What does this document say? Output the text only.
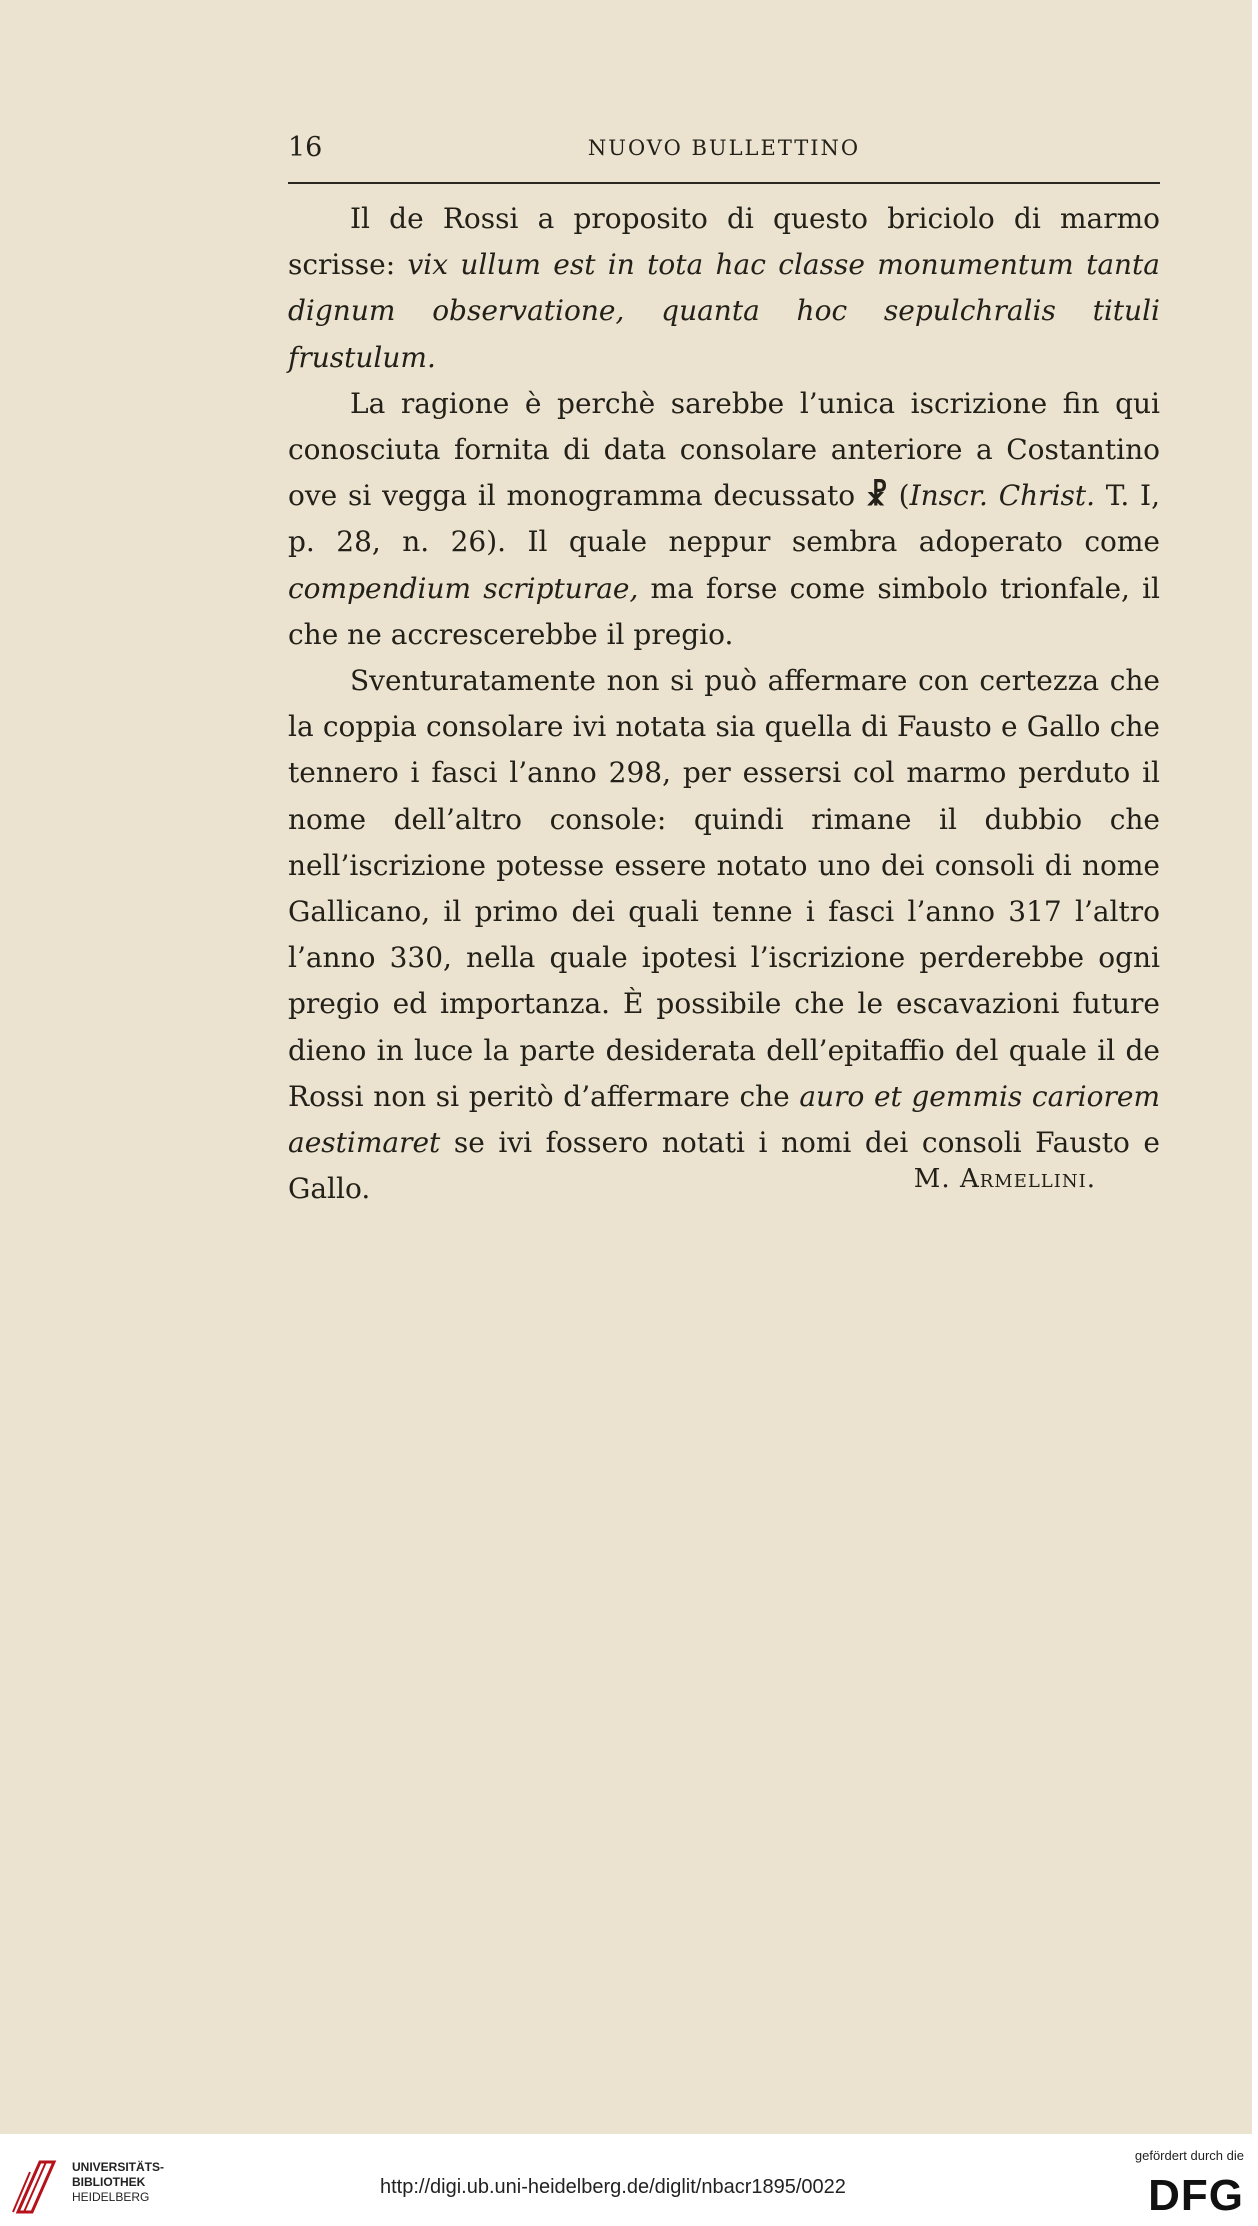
16	NUOVO BULLETTINO

Il de Rossi a proposito di questo briciolo di marmo scrisse: vix ullum est in tota hac classe monumentum tanta dignum observatione, quanta hoc sepulchralis tituli frustulum.

La ragione è perchè sarebbe l’unica iscrizione fin qui conosciuta fornita di data consolare anteriore a Costantino ove si vegga il monogramma decussato ☧ (Inscr. Christ. T. I, p. 28, n. 26). Il quale neppur sembra adoperato come compendium scripturae, ma forse come simbolo trionfale, il che ne accrescerebbe il pregio.

Sventuratamente non si può affermare con certezza che la coppia consolare ivi notata sia quella di Fausto e Gallo che tennero i fasci l’anno 298, per essersi col marmo perduto il nome dell’altro console: quindi rimane il dubbio che nell’iscrizione potesse essere notato uno dei consoli di nome Gallicano, il primo dei quali tenne i fasci l’anno 317 l’altro l’anno 330, nella quale ipotesi l’iscrizione perderebbe ogni pregio ed importanza. È possibile che le escavazioni future dieno in luce la parte desiderata dell’epitaffio del quale il de Rossi non si peritò d’affermare che auro et gemmis cariorem aestimaret se ivi fossero notati i nomi dei consoli Fausto e Gallo.	M. Armellini.
UNIVERSITÄTS-
BIBLIOTHEK
HEIDELBERG	http://digi.ub.uni-heidelberg.de/diglit/nbacr1895/0022
gefördert durch die
DFG
